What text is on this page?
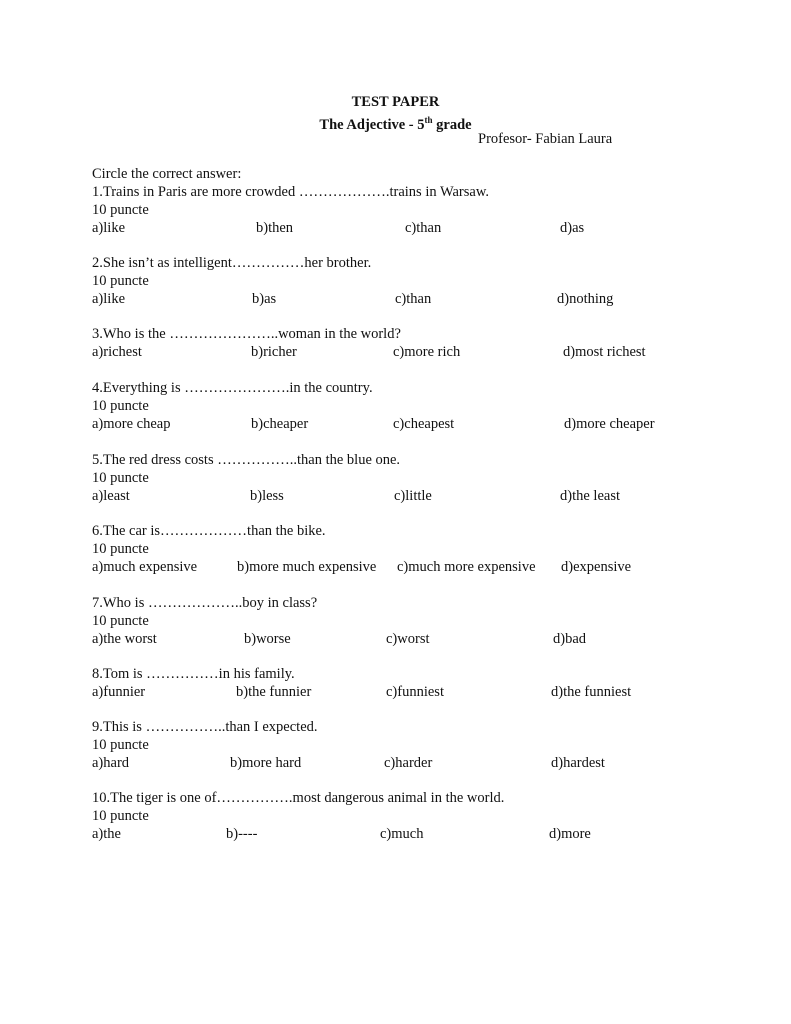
TEST PAPER
The Adjective - 5th grade
Profesor- Fabian Laura
Circle the correct answer:
1.Trains in Paris are more crowded ……………….trains in Warsaw.
10 puncte
a)like	b)then	c)than	d)as
2.She isn’t as intelligent……………her brother.
10 puncte
a)like	b)as	c)than	d)nothing
3.Who is the …………………..woman in the world?
a)richest	b)richer	c)more rich	d)most richest
4.Everything is ………………….in the country.
10 puncte
a)more cheap	b)cheaper	c)cheapest	d)more cheaper
5.The red dress costs ……………..than the blue one.
10 puncte
a)least	b)less	c)little	d)the least
6.The car is………………than the bike.
10 puncte
a)much expensive	b)more much expensive c)much more expensive d)expensive
7.Who is ………………..boy in class?
10 puncte
a)the worst	b)worse	c)worst	d)bad
8.Tom is ……………in his family.
a)funnier	b)the funnier	c)funniest	d)the funniest
9.This is ……………..than I expected.
10 puncte
a)hard	b)more hard	c)harder	d)hardest
10.The tiger is one of…………….most dangerous animal in the world.
10 puncte
a)the	b)----	c)much	d)more
